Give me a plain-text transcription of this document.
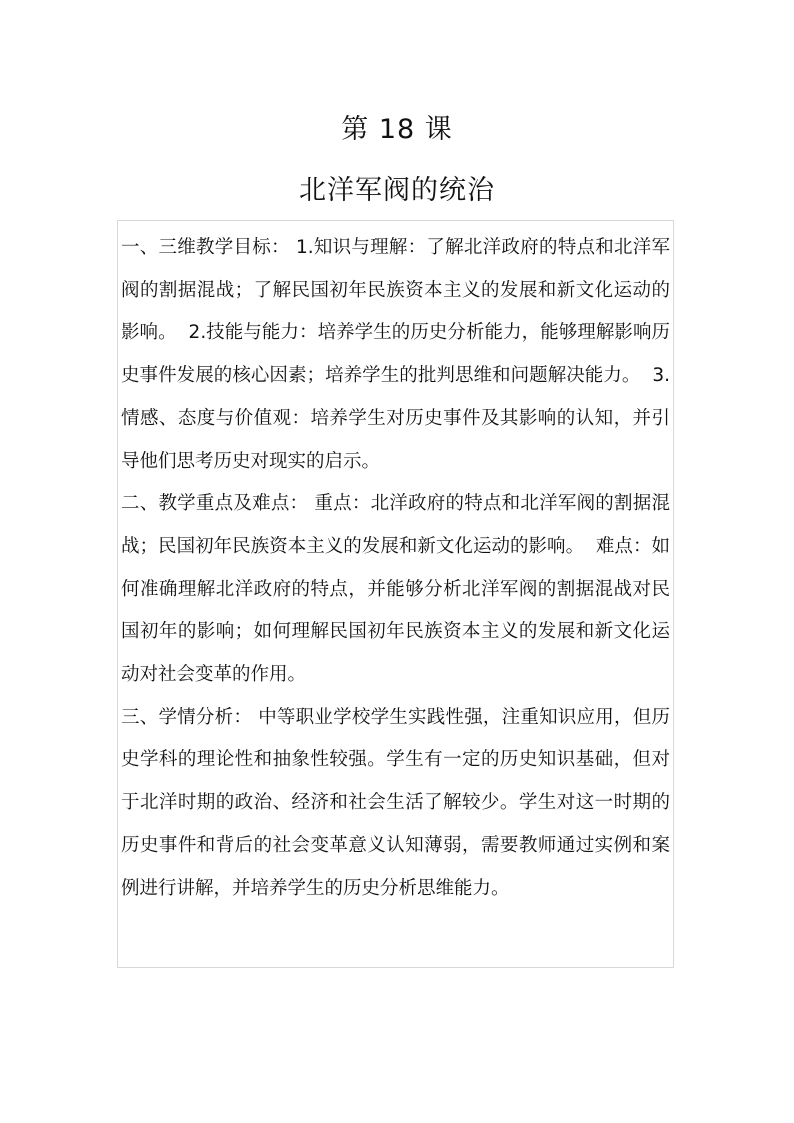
第 18 课
北洋军阀的统治

一、三维教学目标： 1.知识与理解：了解北洋政府的特点和北洋军阀的割据混战；了解民国初年民族资本主义的发展和新文化运动的影响。 2.技能与能力：培养学生的历史分析能力，能够理解影响历史事件发展的核心因素；培养学生的批判思维和问题解决能力。 3.情感、态度与价值观：培养学生对历史事件及其影响的认知，并引导他们思考历史对现实的启示。

二、教学重点及难点： 重点：北洋政府的特点和北洋军阀的割据混战；民国初年民族资本主义的发展和新文化运动的影响。 难点：如何准确理解北洋政府的特点，并能够分析北洋军阀的割据混战对民国初年的影响；如何理解民国初年民族资本主义的发展和新文化运动对社会变革的作用。

三、学情分析： 中等职业学校学生实践性强，注重知识应用，但历史学科的理论性和抽象性较强。学生有一定的历史知识基础，但对于北洋时期的政治、经济和社会生活了解较少。学生对这一时期的历史事件和背后的社会变革意义认知薄弱，需要教师通过实例和案例进行讲解，并培养学生的历史分析思维能力。
